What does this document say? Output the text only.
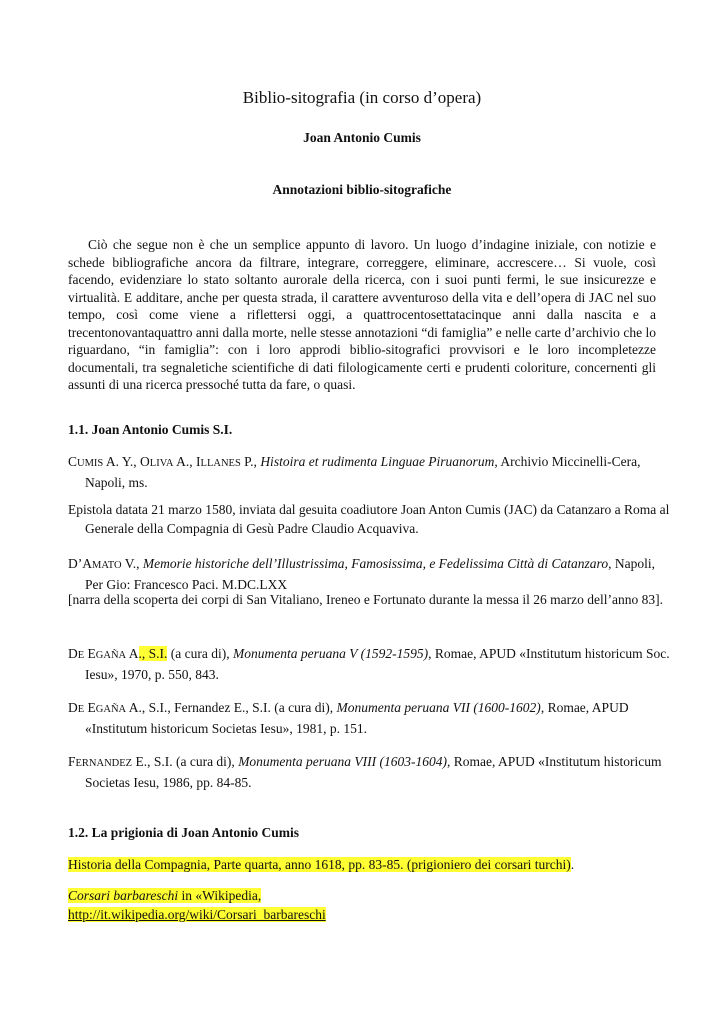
Biblio-sitografia (in corso d’opera)
Joan Antonio Cumis
Annotazioni biblio-sitografiche

Ciò che segue non è che un semplice appunto di lavoro. Un luogo d’indagine iniziale, con notizie e schede bibliografiche ancora da filtrare, integrare, correggere, eliminare, accrescere… Si vuole, così facendo, evidenziare lo stato soltanto aurorale della ricerca, con i suoi punti fermi, le sue insicurezze e virtualità. E additare, anche per questa strada, il carattere avventuroso della vita e dell’opera di JAC nel suo tempo, così come viene a riflettersi oggi, a quattrocentosettatacinque anni dalla nascita e a trecentonovantaquattro anni dalla morte, nelle stesse annotazioni “di famiglia” e nelle carte d’archivio che lo riguardano, “in famiglia”: con i loro approdi biblio-sitografici provvisori e le loro incompletezze documentali, tra segnaletiche scientifiche di dati filologicamente certi e prudenti coloriture, concernenti gli assunti di una ricerca pressoché tutta da fare, o quasi.

1.1. Joan Antonio Cumis S.I.

CUMIS A. Y., OLIVA A., ILLANES P., Histoira et rudimenta Linguae Piruanorum, Archivio Miccinelli-Cera, Napoli, ms.

Epistola datata 21 marzo 1580, inviata dal gesuita coadiutore Joan Anton Cumis (JAC) da Catanzaro a Roma al Generale della Compagnia di Gesù Padre Claudio Acquaviva.

D’AMATO V., Memorie historiche dell’Illustrissima, Famosissima, e Fedelissima Città di Catanzaro, Napoli, Per Gio: Francesco Paci. M.DC.LXX

[narra della scoperta dei corpi di San Vitaliano, Ireneo e Fortunato durante la messa il 26 marzo dell’anno 83].

DE EGAÑA A., S.I. (a cura di), Monumenta peruana V (1592-1595), Romae, APUD «Institutum historicum Soc. Iesu», 1970, p. 550, 843.

DE EGAÑA A., S.I., Fernandez E., S.I. (a cura di), Monumenta peruana VII (1600-1602), Romae, APUD «Institutum historicum Societas Iesu», 1981, p. 151.

FERNANDEZ E., S.I. (a cura di), Monumenta peruana VIII (1603-1604), Romae, APUD «Institutum historicum Societas Iesu, 1986, pp. 84-85.

1.2. La prigionia di Joan Antonio Cumis

Historia della Compagnia, Parte quarta, anno 1618, pp. 83-85. (prigioniero dei corsari turchi).

Corsari barbareschi in «Wikipedia,
http://it.wikipedia.org/wiki/Corsari_barbareschi
